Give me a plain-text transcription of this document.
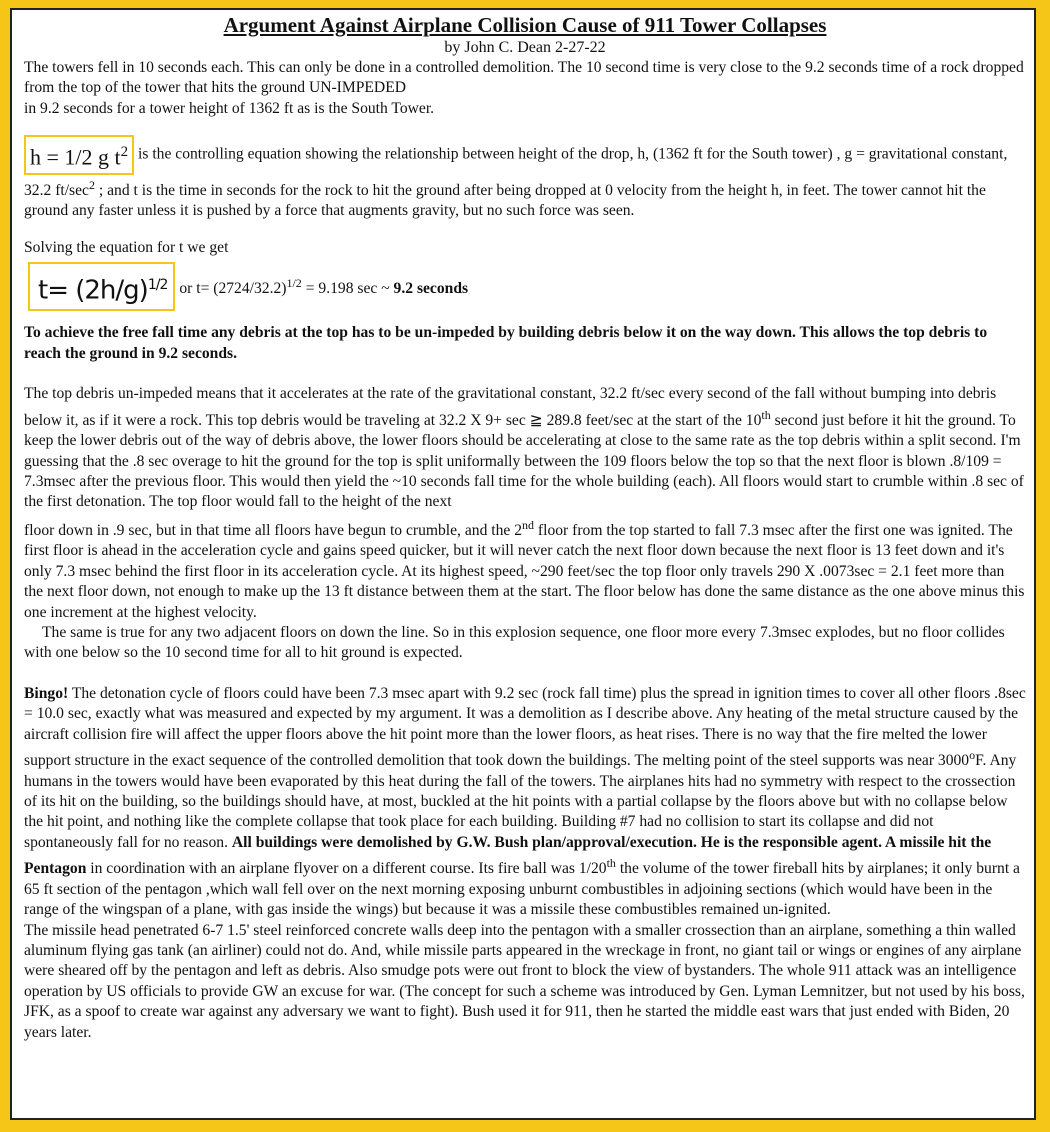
Argument Against Airplane Collision Cause of 911 Tower Collapses
by John C. Dean 2-27-22

The towers fell in 10 seconds each. This can only be done in a controlled demolition. The 10 second time is very close to the 9.2 seconds time of a rock dropped from the top of the tower that hits the ground UN-IMPEDED
in 9.2 seconds for a tower height of 1362 ft as is the South Tower.

h = 1/2 g $t^2$ is the controlling equation showing the relationship between height of the drop, h, (1362 ft for the South tower) , g = gravitational constant, 32.2 $ft/\sec^2$ ; and t is the time in seconds for the rock to hit the ground after being dropped at 0 velocity from the height h, in feet. The tower cannot hit the ground any faster unless it is pushed by a force that augments gravity, but no such force was seen.

Solving the equation for t we get

$t= (2h/g)^{1/2}$ or $t= (2724/32.2)^{1/2} = 9.198$ sec ~ 9.2 seconds

To achieve the free fall time any debris at the top has to be un-impeded by building debris below it on the way down. This allows the top debris to reach the ground in 9.2 seconds.

The top debris un-impeded means that it accelerates at the rate of the gravitational constant, 32.2 ft/sec every second of the fall without bumping into debris below it, as if it were a rock. This top debris would be traveling at 32.2 X 9+ sec ≧ 289.8 feet/sec at the start of the 10th second just before it hit the ground. To keep the lower debris out of the way of debris above, the lower floors should be accelerating at close to the same rate as the top debris within a split second. I'm guessing that the .8 sec overage to hit the ground for the top is split uniformally between the 109 floors below the top so that the next floor is blown .8/109 = 7.3msec after the previous floor. This would then yield the ~10 seconds fall time for the whole building (each). All floors would start to crumble within .8 sec of the first detonation. The top floor would fall to the height of the next

floor down in .9 sec, but in that time all floors have begun to crumble, and the 2nd floor from the top started to fall 7.3 msec after the first one was ignited. The first floor is ahead in the acceleration cycle and gains speed quicker, but it will never catch the next floor down because the next floor is 13 feet down and it's only 7.3 msec behind the first floor in its acceleration cycle. At its highest speed, ~290 feet/sec the top floor only travels 290 X .0073sec = 2.1 feet more than the next floor down, not enough to make up the 13 ft distance between them at the start. The floor below has done the same distance as the one above minus this one increment at the highest velocity.

The same is true for any two adjacent floors on down the line. So in this explosion sequence, one floor more every 7.3msec explodes, but no floor collides with one below so the 10 second time for all to hit ground is expected.

Bingo! The detonation cycle of floors could have been 7.3 msec apart with 9.2 sec (rock fall time) plus the spread in ignition times to cover all other floors .8sec = 10.0 sec, exactly what was measured and expected by my argument. It was a demolition as I describe above. Any heating of the metal structure caused by the aircraft collision fire will affect the upper floors above the hit point more than the lower floors, as heat rises. There is no way that the fire melted the lower support structure in the exact sequence of the controlled demolition that took down the buildings. The melting point of the steel supports was near 3000$^o$F. Any humans in the towers would have been evaporated by this heat during the fall of the towers. The airplanes hits had no symmetry with respect to the crossection of its hit on the building, so the buildings should have, at most, buckled at the hit points with a partial collapse by the floors above but with no collapse below the hit point, and nothing like the complete collapse that took place for each building. Building #7 had no collision to start its collapse and did not spontaneously fall for no reason. All buildings were demolished by G.W. Bush plan/approval/execution. He is the responsible agent. A missile hit the Pentagon in coordination with an airplane flyover on a different course. Its fire ball was 1/20th the volume of the tower fireball hits by airplanes; it only burnt a 65 ft section of the pentagon ,which wall fell over on the next morning exposing unburnt combustibles in adjoining sections (which would have been in the range of the wingspan of a plane, with gas inside the wings) but because it was a missile these combustibles remained un-ignited.

The missile head penetrated 6-7 1.5' steel reinforced concrete walls deep into the pentagon with a smaller crossection than an airplane, something a thin walled aluminum flying gas tank (an airliner) could not do. And, while missile parts appeared in the wreckage in front, no giant tail or wings or engines of any airplane were sheared off by the pentagon and left as debris. Also smudge pots were out front to block the view of bystanders. The whole 911 attack was an intelligence operation by US officials to provide GW an excuse for war. (The concept for such a scheme was introduced by Gen. Lyman Lemnitzer, but not used by his boss, JFK, as a spoof to create war against any adversary we want to fight). Bush used it for 911, then he started the middle east wars that just ended with Biden, 20 years later.
